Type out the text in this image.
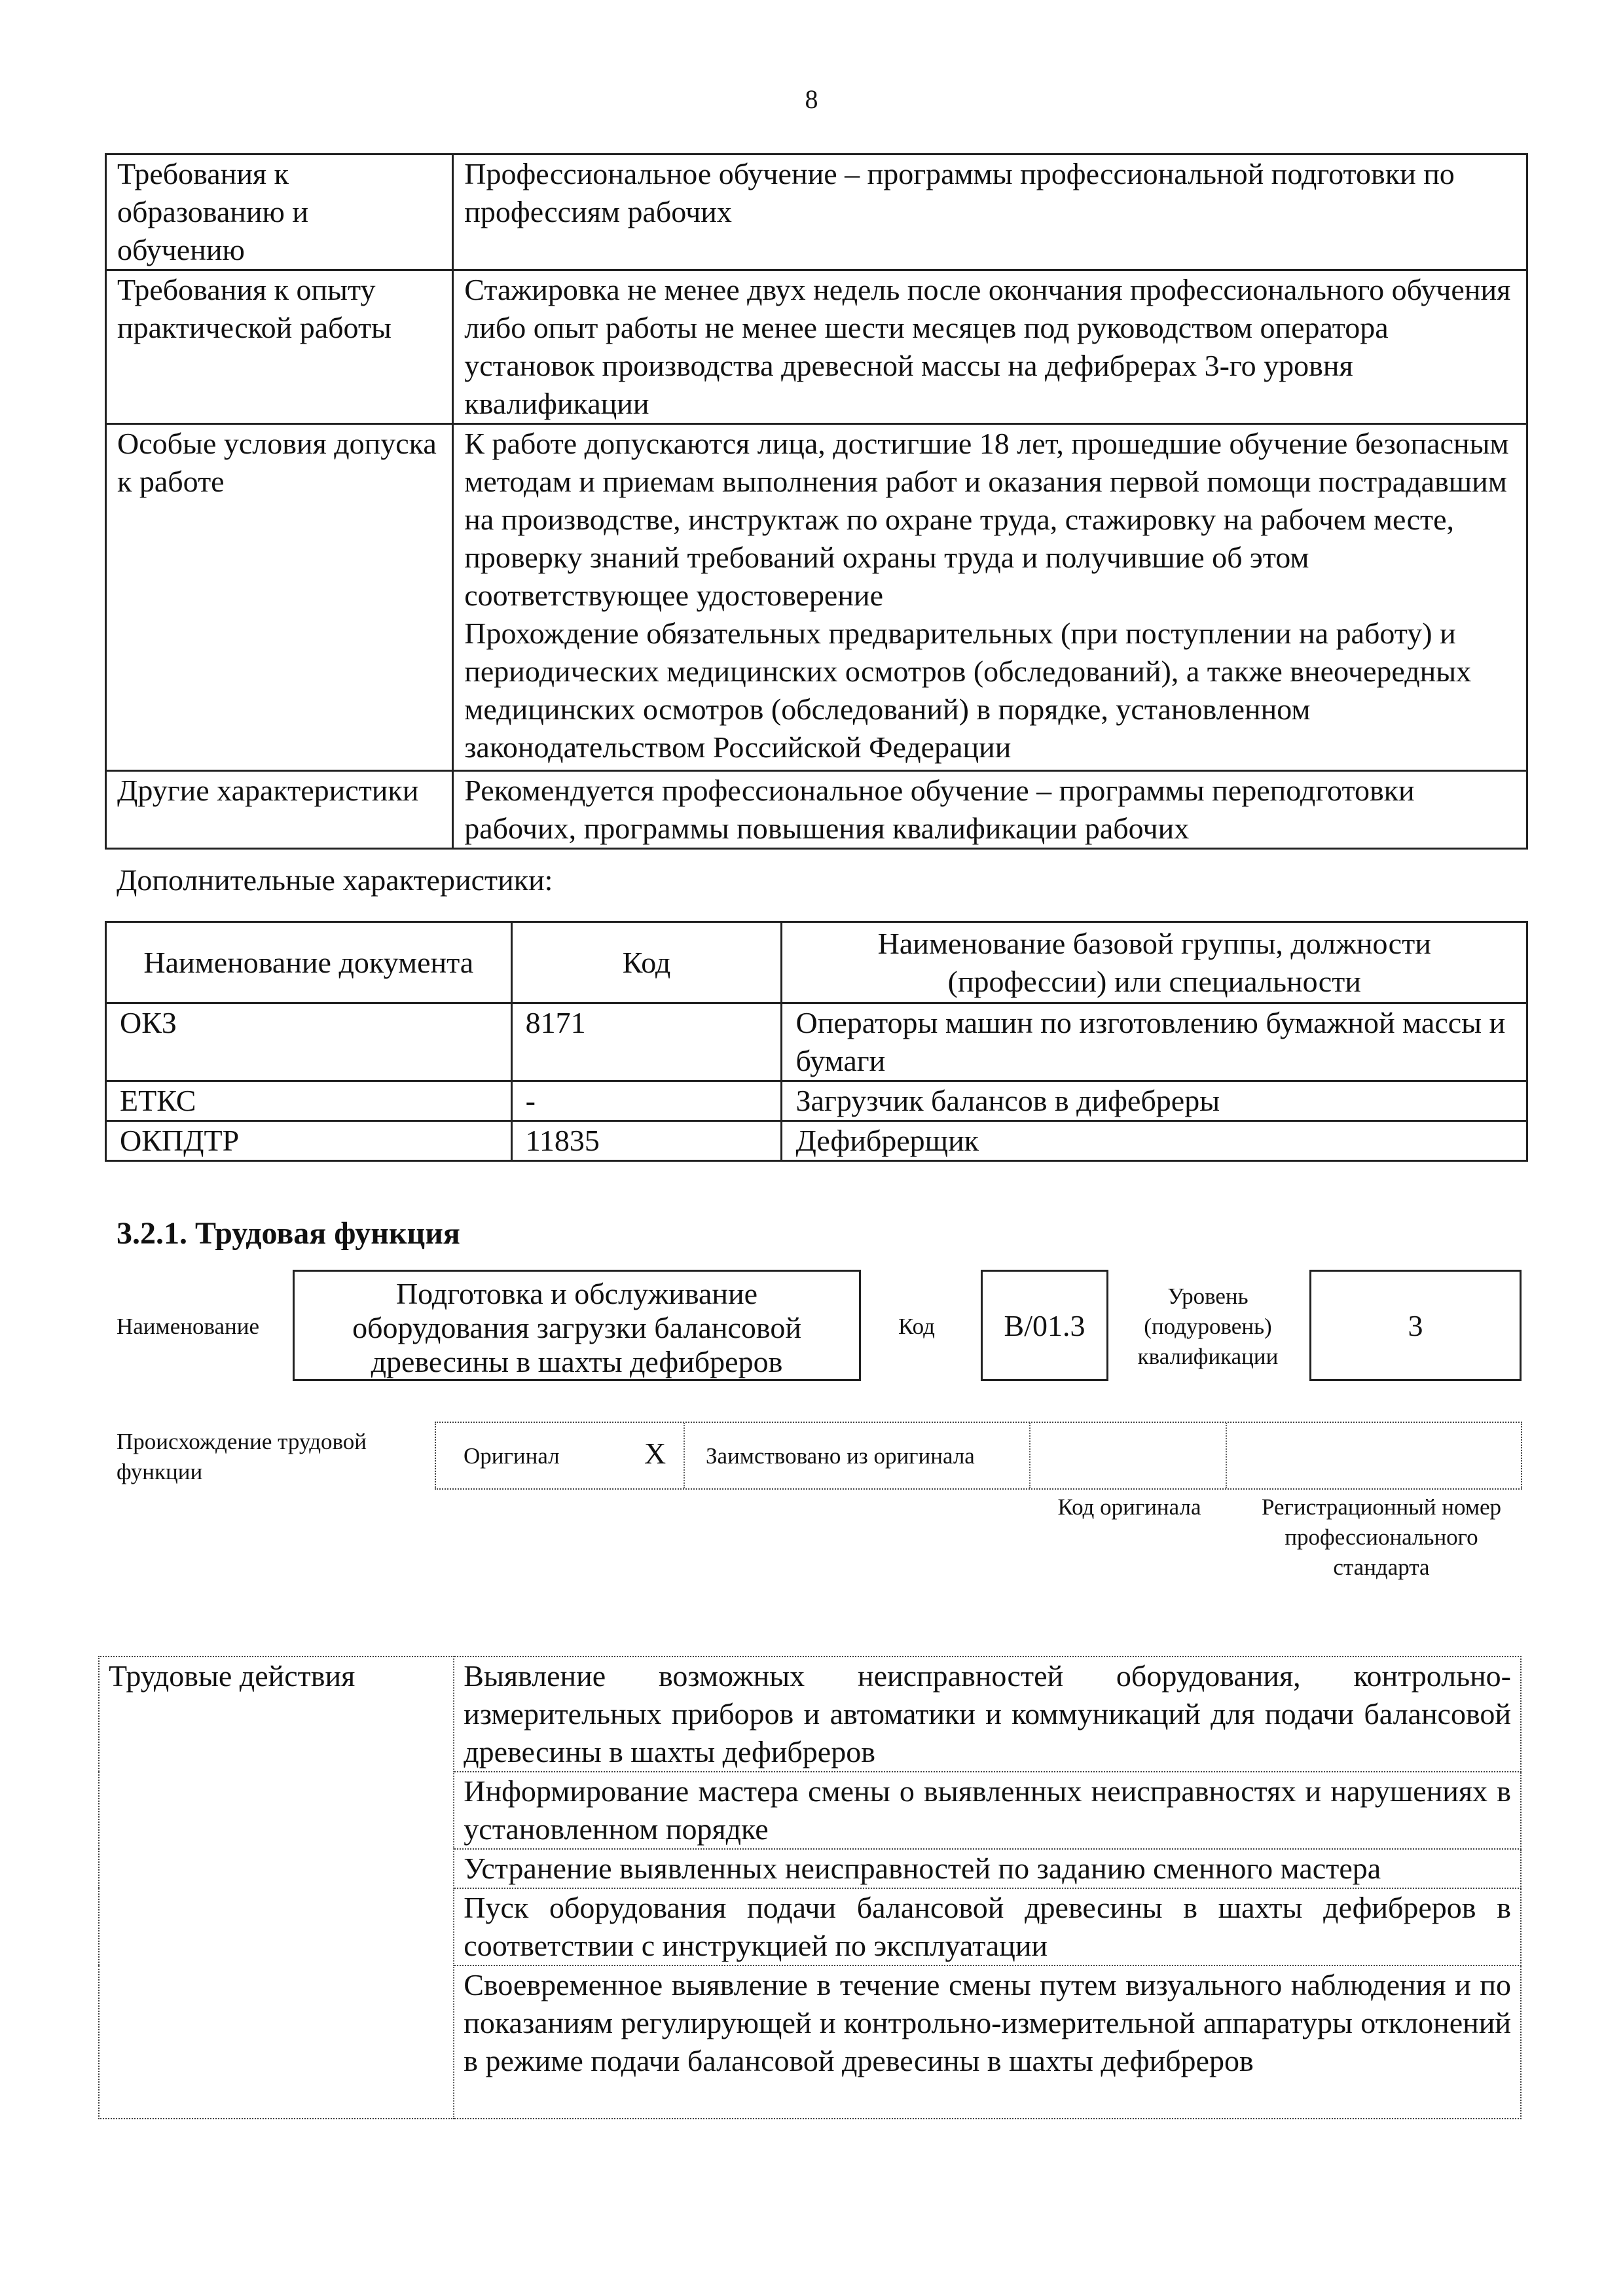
8
Требования к образованию и обучению	Профессиональное обучение – программы профессиональной подготовки по профессиям рабочих
Требования к опыту практической работы	Стажировка не менее двух недель после окончания профессионального обучения либо опыт работы не менее шести месяцев под руководством оператора установок производства древесной массы на дефибрерах 3-го уровня квалификации
Особые условия допуска к работе	К работе допускаются лица, достигшие 18 лет, прошедшие обучение безопасным методам и приемам выполнения работ и оказания первой помощи пострадавшим на производстве, инструктаж по охране труда, стажировку на рабочем месте, проверку знаний требований охраны труда и получившие об этом соответствующее удостоверение
Прохождение обязательных предварительных (при поступлении на работу) и периодических медицинских осмотров (обследований), а также внеочередных медицинских осмотров (обследований) в порядке, установленном законодательством Российской Федерации

Другие характеристики	Рекомендуется профессиональное обучение – программы переподготовки рабочих, программы повышения квалификации рабочих
Дополнительные характеристики:
Наименование документа	Код	Наименование базовой группы, должности (профессии) или специальности
ОКЗ	8171	Операторы машин по изготовлению бумажной массы и бумаги
ЕТКС	-	Загрузчик балансов в дифебреры
ОКПДТР	11835	Дефибрерщик
3.2.1. Трудовая функция
Наименование
Подготовка и обслуживание оборудования загрузки балансовой древесины в шахты дефибреров
Код B/01.3
Уровень (подуровень) квалификации
3
Происхождение трудовой функции
Оригинал	X Заимствовано из оригинала
Код оригинала	Регистрационный номер профессионального стандарта
Трудовые действия	Выявление возможных неисправностей оборудования, контрольно-измерительных приборов и автоматики и коммуникаций для подачи балансовой древесины в шахты дефибреров
Информирование мастера смены о выявленных неисправностях и нарушениях в установленном порядке
Устранение выявленных неисправностей по заданию сменного мастера
Пуск оборудования подачи балансовой древесины в шахты дефибреров в соответствии с инструкцией по эксплуатации
Своевременное выявление в течение смены путем визуального наблюдения и по показаниям регулирующей и контрольно-измерительной аппаратуры отклонений в режиме подачи балансовой древесины в шахты дефибреров
